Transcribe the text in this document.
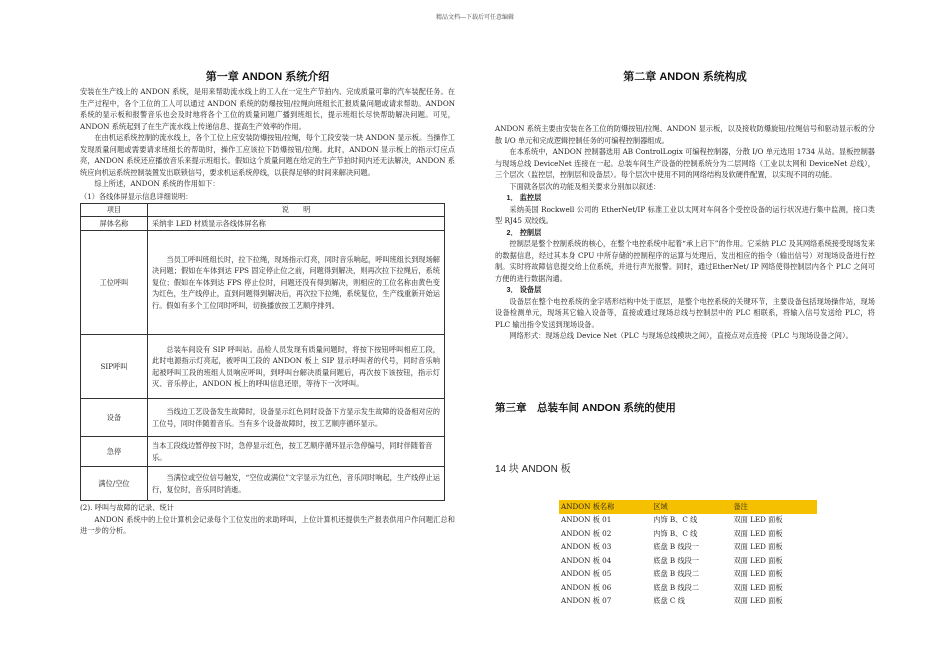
精品文档---下载后可任意编辑
第一章 ANDON 系统介绍

安装在生产线上的 ANDON 系统，是用来帮助流水线上的工人在一定生产节拍内、完成质量可靠的汽车装配任务。在生产过程中，各个工位的工人可以通过 ANDON 系统的防爆按钮/拉绳向班组长汇报质量问题或请求帮助。ANDON 系统的显示板和报警音乐也会及时地将各个工位的质量问题广播到班组长，提示班组长尽快帮助解决问题。可见，ANDON 系统起到了在生产流水线上传递信息、提高生产效率的作用。

在由机运系统控制的流水线上，各个工位上应安装防爆按钮/拉绳，每个工段安装一块 ANDON 显示板。当操作工发现质量问题或需要请求班组长的帮助时，操作工应该拉下防爆按钮/拉绳。此时，ANDON 显示板上的指示灯应点亮，ANDON 系统还应播放音乐来提示班组长。假如这个质量问题在给定的生产节拍时间内还无法解决，ANDON 系统应向机运系统控制装置发出联锁信号，要求机运系统停线，以获得足够的时间来解决问题。

综上所述，ANDON 系统的作用如下：

（1）各线体屏显示信息详细说明：

项目	说　　明
屏体名称	采纳非 LED 材质显示各线体屏名称
工位呼叫	当员工呼叫班组长时，拉下拉绳，现场指示灯亮，同时音乐响起，呼叫班组长到现场解决问题；假如在车体到达 FPS 固定停止位之前，问题得到解决，则再次拉下拉绳后，系统复位；假如在车体到达 FPS 停止位时，问题还没有得到解决，则相应的工位名称由黄色变为红色，生产线停止，直到问题得到解决后，再次拉下拉绳，系统复位，生产线重新开始运行。假如有多个工位同时呼叫，切换播放按工艺顺序排列。
SIP呼叫	总装车间设有 SIP 呼叫站。品检人员发现有质量问题时，将按下按钮呼叫相应工段，此时电源指示灯亮起，被呼叫工段的 ANDON 板上 SIP 显示呼叫者的代号，同时音乐响起被呼叫工段的班组人员响应呼叫，到呼叫台解决质量问题后，再次按下该按钮，指示灯灭、音乐停止，ANDON 板上的呼叫信息还原，等待下一次呼叫。
设备	当线边工艺设备发生故障时，设备显示红色同时设备下方显示发生故障的设备相对应的工位号，同时伴随着音乐。当有多个设备故障时，按工艺顺序循环显示。
急停	当本工段线边暂停按下时，急停显示红色，按工艺顺序循环显示急停编号，同时伴随着音乐。
满位/空位	当满位或空位信号触发，“空位或满位”文字显示为红色，音乐同时响起，生产线停止运行，复位时，音乐同时消逝。

(2). 呼叫与故障的记录、统计

ANDON 系统中的上位计算机会记录每个工位发出的求助呼叫，上位计算机还提供生产报表供用户作问题汇总和进一步的分析。

第二章 ANDON 系统构成

ANDON 系统主要由安装在各工位的防爆按钮/拉绳、ANDON 显示板，以及接收防爆旋钮/拉绳信号和驱动显示板的分散 I/O 单元和完成逻辑控制任务的可编程控制器组成。

在本系统中，ANDON 控制器选用 AB ControlLogix 可编程控制器，分散 I/O 单元选用 1734 从站。显板控制器与现场总线 DeviceNet 连接在一起。总装车间生产设备的控制系统分为二层网络（工业以太网和 DeviceNet 总线），三个层次（监控层，控制层和设备层）。每个层次中使用不同的网络结构及软硬件配置，以实现不同的功能。

下面就各层次的功能及相关要求分别加以叙述：

1． 监控层

采纳美国 Rockwell 公司的 EtherNet/IP 标准工业以太网对车间各个受控设备的运行状况进行集中监测，接口类型 RJ45 双绞线。

2． 控制层

控制层是整个控制系统的核心，在整个电控系统中起着“承上启下”的作用。它采纳 PLC 及其网络系统接受现场发来的数据信息，经过其本身 CPU 中所存储的控制程序的运算与处理后，发出相应的指令（输出信号）对现场设备进行控制。实时将故障信息提交给上位系统，并进行声光报警。同时，通过EtherNet/ IP 网络使得控制层内各个 PLC 之间可方便的进行数据沟通。

3． 设备层

设备层在整个电控系统的金字塔形结构中处于底层，是整个电控系统的关键环节，主要设备包括现场操作站，现场设备检测单元，现场其它输入设备等，直接或通过现场总线与控制层中的 PLC 相联系，将输入信号发送给 PLC，将 PLC 输出指令发送到现场设备。

网络形式：现场总线 Device Net（PLC 与现场总线模块之间），直接点对点连接（PLC 与现场设备之间）。

第三章　总装车间 ANDON 系统的使用
14 块 ANDON 板
ANDON 板名称	区域	备注
ANDON 板 01	内饰 B、C 线	双面 LED 面板
ANDON 板 02	内饰 B、C 线	双面 LED 面板
ANDON 板 03	底盘 B 线段一	双面 LED 面板
ANDON 板 04	底盘 B 线段一	双面 LED 面板
ANDON 板 05	底盘 B 线段二	双面 LED 面板
ANDON 板 06	底盘 B 线段二	双面 LED 面板
ANDON 板 07	底盘 C 线	双面 LED 面板
